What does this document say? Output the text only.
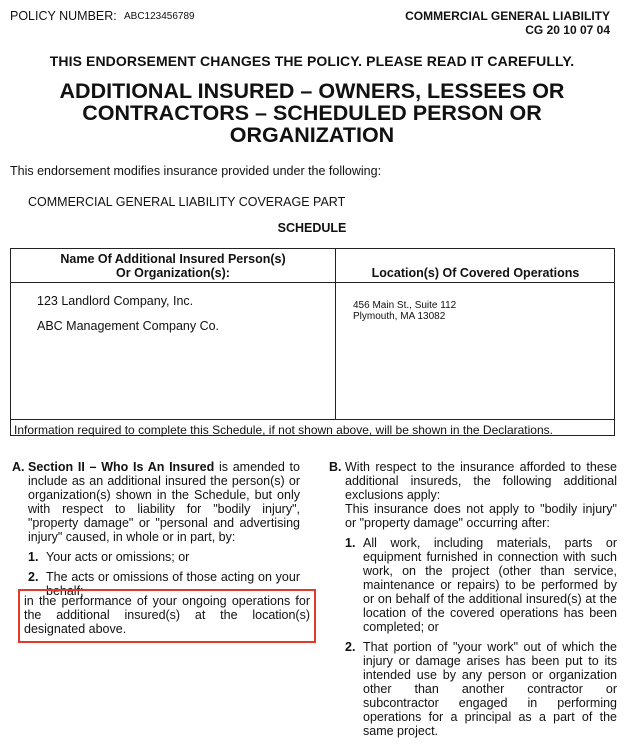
POLICY NUMBER: ABC123456789	COMMERCIAL GENERAL LIABILITY
CG 20 10 07 04
THIS ENDORSEMENT CHANGES THE POLICY. PLEASE READ IT CAREFULLY.
ADDITIONAL INSURED – OWNERS, LESSEES OR
CONTRACTORS – SCHEDULED PERSON OR
ORGANIZATION
This endorsement modifies insurance provided under the following:
COMMERCIAL GENERAL LIABILITY COVERAGE PART
SCHEDULE
Name Of Additional Insured Person(s)
Or Organization(s):	Location(s) Of Covered Operations
123 Landlord Company, Inc.
ABC Management Company Co.
456 Main St., Suite 112
Plymouth, MA 13082
Information required to complete this Schedule, if not shown above, will be shown in the Declarations.
A. Section II – Who Is An Insured is amended to include as an additional insured the person(s) or organization(s) shown in the Schedule, but only with respect to liability for "bodily injury", "property damage" or "personal and advertising injury" caused, in whole or in part, by:

1. Your acts or omissions; or
2. The acts or omissions of those acting on your behalf;
in the performance of your ongoing operations for the additional insured(s) at the location(s) designated above.
B. With respect to the insurance afforded to these additional insureds, the following additional exclusions apply:

This insurance does not apply to "bodily injury" or "property damage" occurring after:

1. All work, including materials, parts or equipment furnished in connection with such work, on the project (other than service, maintenance or repairs) to be performed by or on behalf of the additional insured(s) at the location of the covered operations has been completed; or
2. That portion of "your work" out of which the injury or damage arises has been put to its intended use by any person or organization other than another contractor or subcontractor engaged in performing operations for a principal as a part of the same project.
